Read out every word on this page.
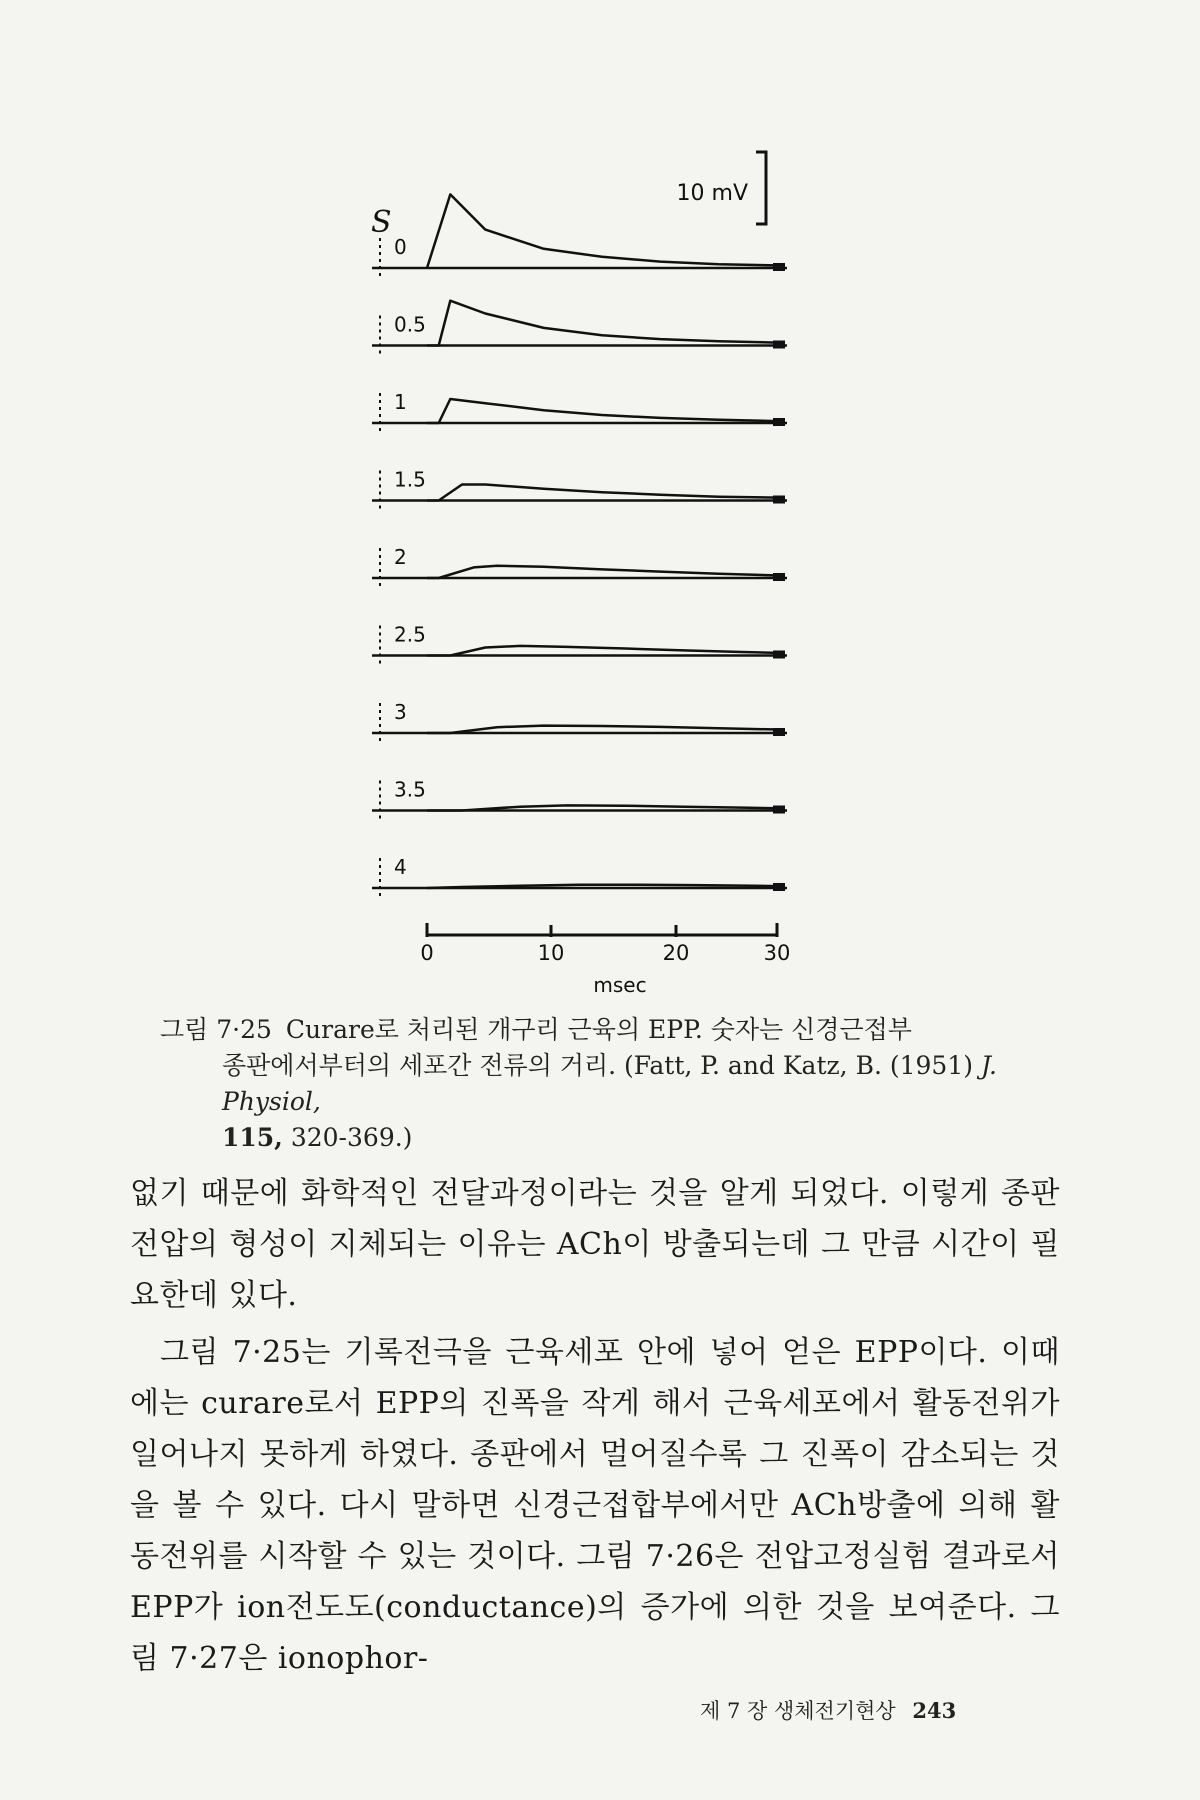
0
0.5
1
1.5
2
2.5
3
3.5
4
10 mV
S
0	10	20	30
msec
그림 7·25 Curare로 처리된 개구리 근육의 EPP. 숫자는 신경근접부
종판에서부터의 세포간 전류의 거리. (Fatt, P. and Katz, B. (1951) J. Physiol,
115, 320-369.)

없기 때문에 화학적인 전달과정이라는 것을 알게 되었다. 이렇게 종판전압의 형성이 지체되는 이유는 ACh이 방출되는데 그 만큼 시간이 필요한데 있다.

그림 7·25는 기록전극을 근육세포 안에 넣어 얻은 EPP이다. 이때에는 curare로서 EPP의 진폭을 작게 해서 근육세포에서 활동전위가 일어나지 못하게 하였다. 종판에서 멀어질수록 그 진폭이 감소되는 것을 볼 수 있다. 다시 말하면 신경근접합부에서만 ACh방출에 의해 활동전위를 시작할 수 있는 것이다. 그림 7·26은 전압고정실험 결과로서 EPP가 ion전도도(conductance)의 증가에 의한 것을 보여준다. 그림 7·27은 ionophor-

제 7 장 생체전기현상 243
